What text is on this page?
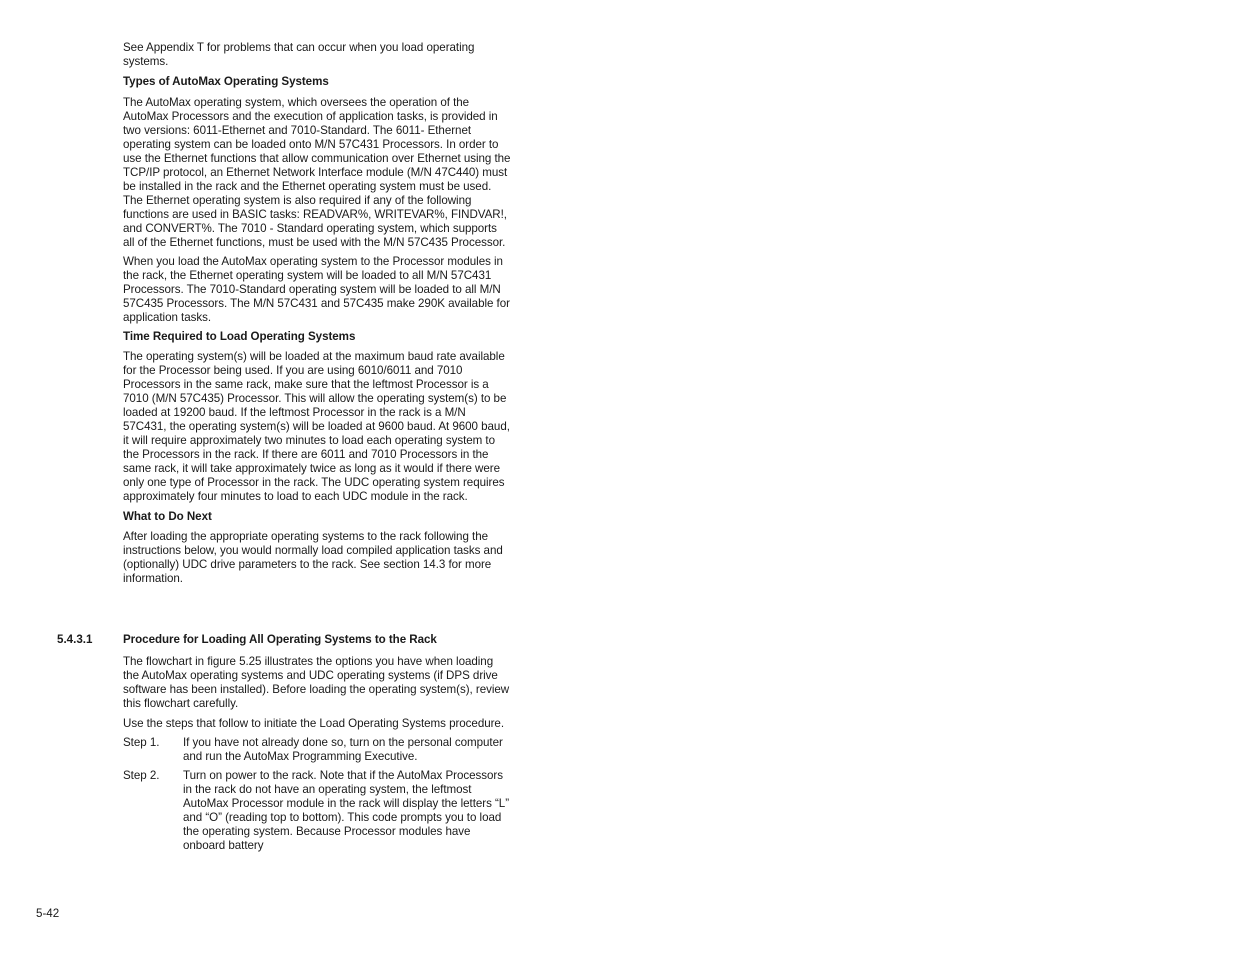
See Appendix T for problems that can occur when you load operating systems.

Types of AutoMax Operating Systems

The AutoMax operating system, which oversees the operation of the AutoMax Processors and the execution of application tasks, is provided in two versions: 6011-Ethernet and 7010-Standard. The 6011- Ethernet operating system can be loaded onto M/N 57C431 Processors. In order to use the Ethernet functions that allow communication over Ethernet using the TCP/IP protocol, an Ethernet Network Interface module (M/N 47C440) must be installed in the rack and the Ethernet operating system must be used. The Ethernet operating system is also required if any of the following functions are used in BASIC tasks: READVAR%, WRITEVAR%, FINDVAR!, and CONVERT%. The 7010 - Standard operating system, which supports all of the Ethernet functions, must be used with the M/N 57C435 Processor.

When you load the AutoMax operating system to the Processor modules in the rack, the Ethernet operating system will be loaded to all M/N 57C431 Processors. The 7010-Standard operating system will be loaded to all M/N 57C435 Processors. The M/N 57C431 and 57C435 make 290K available for application tasks.

Time Required to Load Operating Systems

The operating system(s) will be loaded at the maximum baud rate available for the Processor being used. If you are using 6010/6011 and 7010 Processors in the same rack, make sure that the leftmost Processor is a 7010 (M/N 57C435) Processor. This will allow the operating system(s) to be loaded at 19200 baud. If the leftmost Processor in the rack is a M/N 57C431, the operating system(s) will be loaded at 9600 baud. At 9600 baud, it will require approximately two minutes to load each operating system to the Processors in the rack. If there are 6011 and 7010 Processors in the same rack, it will take approximately twice as long as it would if there were only one type of Processor in the rack. The UDC operating system requires approximately four minutes to load to each UDC module in the rack.

What to Do Next

After loading the appropriate operating systems to the rack following the instructions below, you would normally load compiled application tasks and (optionally) UDC drive parameters to the rack. See section 14.3 for more information.

5.4.3.1	Procedure for Loading All Operating Systems to the Rack

The flowchart in figure 5.25 illustrates the options you have when loading the AutoMax operating systems and UDC operating systems (if DPS drive software has been installed). Before loading the operating system(s), review this flowchart carefully.

Use the steps that follow to initiate the Load Operating Systems procedure.

Step 1. If you have not already done so, turn on the personal computer and run the AutoMax Programming Executive.
Step 2. Turn on power to the rack. Note that if the AutoMax Processors in the rack do not have an operating system, the leftmost AutoMax Processor module in the rack will display the letters “L” and “O” (reading top to bottom). This code prompts you to load the operating system. Because Processor modules have onboard battery
5-42
